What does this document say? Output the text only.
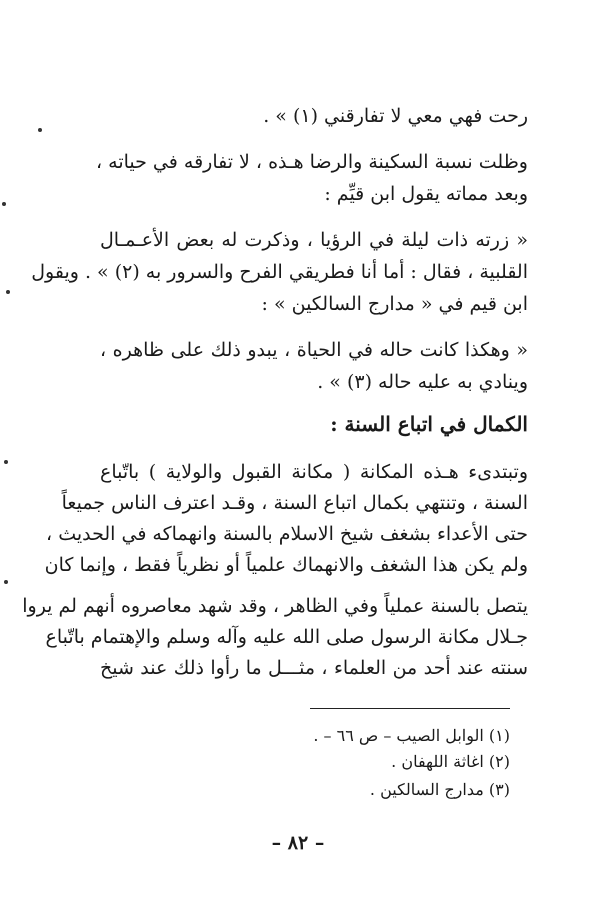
رحت فهي معي لا تفارقني (١) » .
وظلت نسبة السكينة والرضا هـذه ، لا تفارقه في حياته ،
وبعد مماته يقول ابن قيِّم :
« زرته ذات ليلة في الرؤيا ، وذكرت له بعض الأعـمـال
القلبية ، فقال : أما أنا فطريقي الفرح والسرور به (٢) » . ويقول
ابن قيم في « مدارج السالكين » :
« وهكذا كانت حاله في الحياة ، يبدو ذلك على ظاهره ،
وينادي به عليه حاله (٣) » .
الكمال في اتباع السنة :
وتبتدىء هـذه المكانة ( مكانة القبول والولاية ) باتّباع
السنة ، وتنتهي بكمال اتباع السنة ، وقـد اعترف الناس جميعاً
حتى الأعداء بشغف شيخ الاسلام بالسنة وانهماكه في الحديث ،
ولم يكن هذا الشغف والانهماك علمياً أو نظرياً فقط ، وإنما كان
يتصل بالسنة عملياً وفي الظاهر ، وقد شهد معاصروه أنهم لم يروا
جـلال مكانة الرسول صلى الله عليه وآله وسلم والإهتمام باتّباع
سنته عند أحد من العلماء ، مثـــل ما رأوا ذلك عند شيخ
(١) الوابل الصيب – ص ٦٦ – .
(٢) اغاثة اللهفان .
(٣) مدارج السالكين .
– ٨٢ –
